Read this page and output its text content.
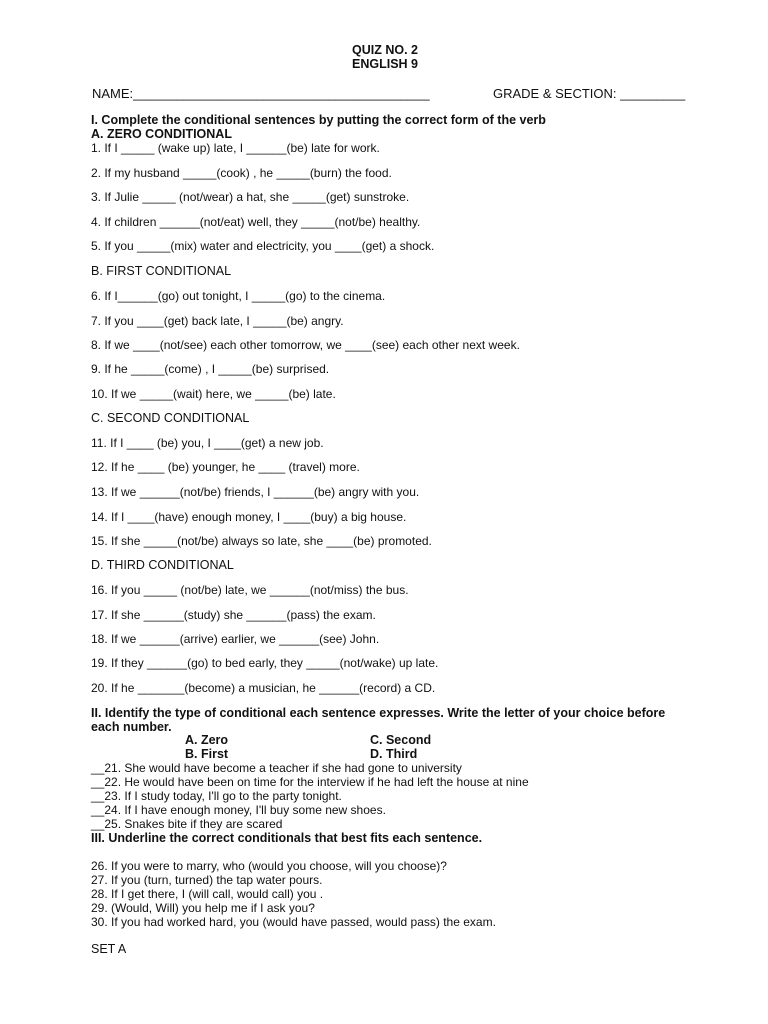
QUIZ NO. 2
ENGLISH 9
NAME:_________________________________________	GRADE & SECTION: _________
I. Complete the conditional sentences by putting the correct form of the verb
A. ZERO CONDITIONAL
1. If I _____ (wake up) late, I ______(be) late for work.
2. If my husband _____(cook) , he _____(burn) the food.
3. If Julie _____ (not/wear) a hat, she _____(get) sunstroke.
4. If children ______(not/eat) well, they _____(not/be) healthy.
5. If you _____(mix) water and electricity, you ____(get) a shock.
B. FIRST CONDITIONAL
6. If I______(go) out tonight, I _____(go) to the cinema.
7. If you ____(get) back late, I _____(be) angry.
8. If we ____(not/see) each other tomorrow, we ____(see) each other next week.
9. If he _____(come) , I _____(be) surprised.
10. If we _____(wait) here, we _____(be) late.
C. SECOND CONDITIONAL
11. If I ____ (be) you, I ____(get) a new job.
12. If he ____ (be) younger, he ____ (travel) more.
13. If we ______(not/be) friends, I ______(be) angry with you.
14. If I ____(have) enough money, I ____(buy) a big house.
15. If she _____(not/be) always so late, she ____(be) promoted.
D. THIRD CONDITIONAL
16. If you _____ (not/be) late, we ______(not/miss) the bus.
17. If she ______(study) she ______(pass) the exam.
18. If we ______(arrive) earlier, we ______(see) John.
19. If they ______(go) to bed early, they _____(not/wake) up late.
20. If he _______(become) a musician, he ______(record) a CD.
II. Identify the type of conditional each sentence expresses. Write the letter of your choice before
each number.
A. Zero	C. Second
B. First	D. Third
__21. She would have become a teacher if she had gone to university
__22. He would have been on time for the interview if he had left the house at nine
__23. If I study today, I'll go to the party tonight.
__24. If I have enough money, I'll buy some new shoes.
__25. Snakes bite if they are scared
III. Underline the correct conditionals that best fits each sentence.
26. If you were to marry, who (would you choose, will you choose)?
27. If you (turn, turned) the tap water pours.
28. If I get there, I (will call, would call) you .
29. (Would, Will) you help me if I ask you?
30. If you had worked hard, you (would have passed, would pass) the exam.
SET A
